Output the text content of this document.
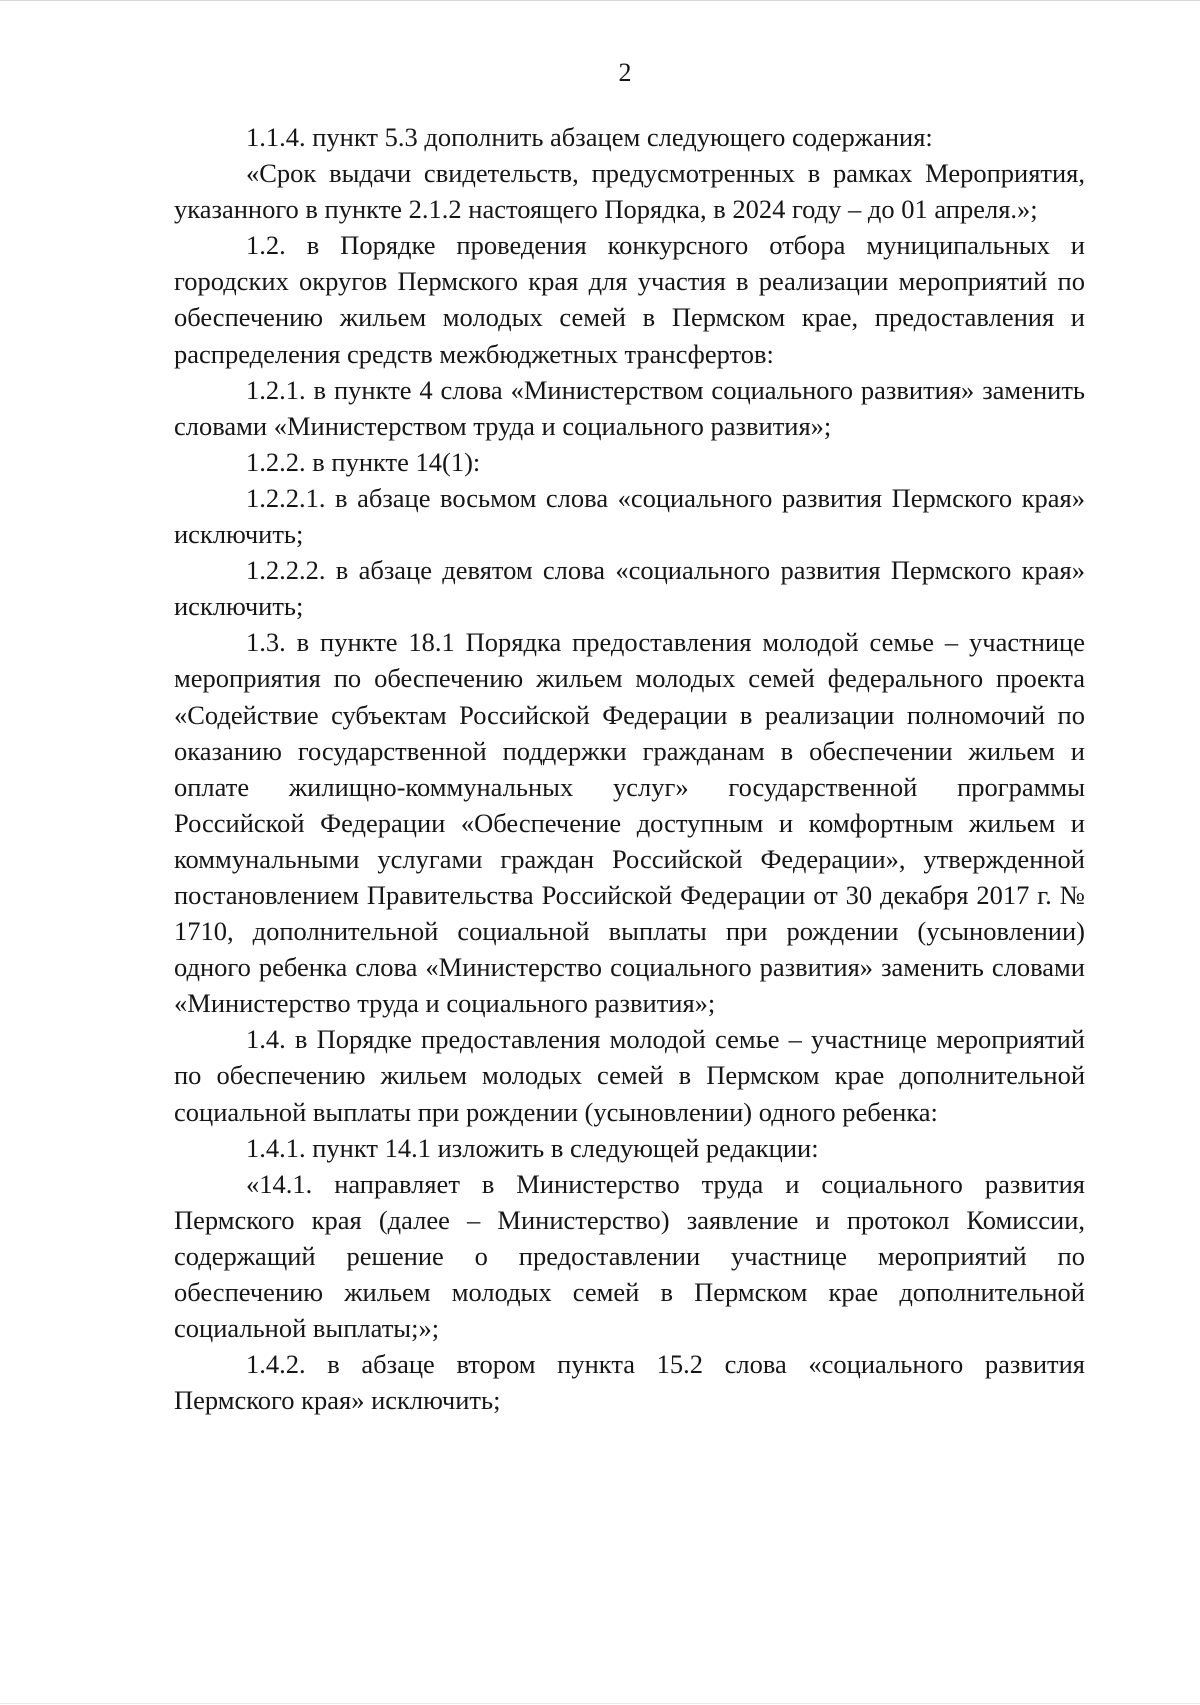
2

1.1.4. пункт 5.3 дополнить абзацем следующего содержания:

«Срок выдачи свидетельств, предусмотренных в рамках Мероприятия, указанного в пункте 2.1.2 настоящего Порядка, в 2024 году – до 01 апреля.»;

1.2. в Порядке проведения конкурсного отбора муниципальных и городских округов Пермского края для участия в реализации мероприятий по обеспечению жильем молодых семей в Пермском крае, предоставления и распределения средств межбюджетных трансфертов:

1.2.1. в пункте 4 слова «Министерством социального развития» заменить словами «Министерством труда и социального развития»;

1.2.2. в пункте 14(1):

1.2.2.1. в абзаце восьмом слова «социального развития Пермского края» исключить;

1.2.2.2. в абзаце девятом слова «социального развития Пермского края» исключить;

1.3. в пункте 18.1 Порядка предоставления молодой семье – участнице мероприятия по обеспечению жильем молодых семей федерального проекта «Содействие субъектам Российской Федерации в реализации полномочий по оказанию государственной поддержки гражданам в обеспечении жильем и оплате жилищно-коммунальных услуг» государственной программы Российской Федерации «Обеспечение доступным и комфортным жильем и коммунальными услугами граждан Российской Федерации», утвержденной постановлением Правительства Российской Федерации от 30 декабря 2017 г. № 1710, дополнительной социальной выплаты при рождении (усыновлении) одного ребенка слова «Министерство социального развития» заменить словами «Министерство труда и социального развития»;

1.4. в Порядке предоставления молодой семье – участнице мероприятий по обеспечению жильем молодых семей в Пермском крае дополнительной социальной выплаты при рождении (усыновлении) одного ребенка:

1.4.1. пункт 14.1 изложить в следующей редакции:

«14.1. направляет в Министерство труда и социального развития Пермского края (далее – Министерство) заявление и протокол Комиссии, содержащий решение о предоставлении участнице мероприятий по обеспечению жильем молодых семей в Пермском крае дополнительной социальной выплаты;»;

1.4.2. в абзаце втором пункта 15.2 слова «социального развития Пермского края» исключить;
